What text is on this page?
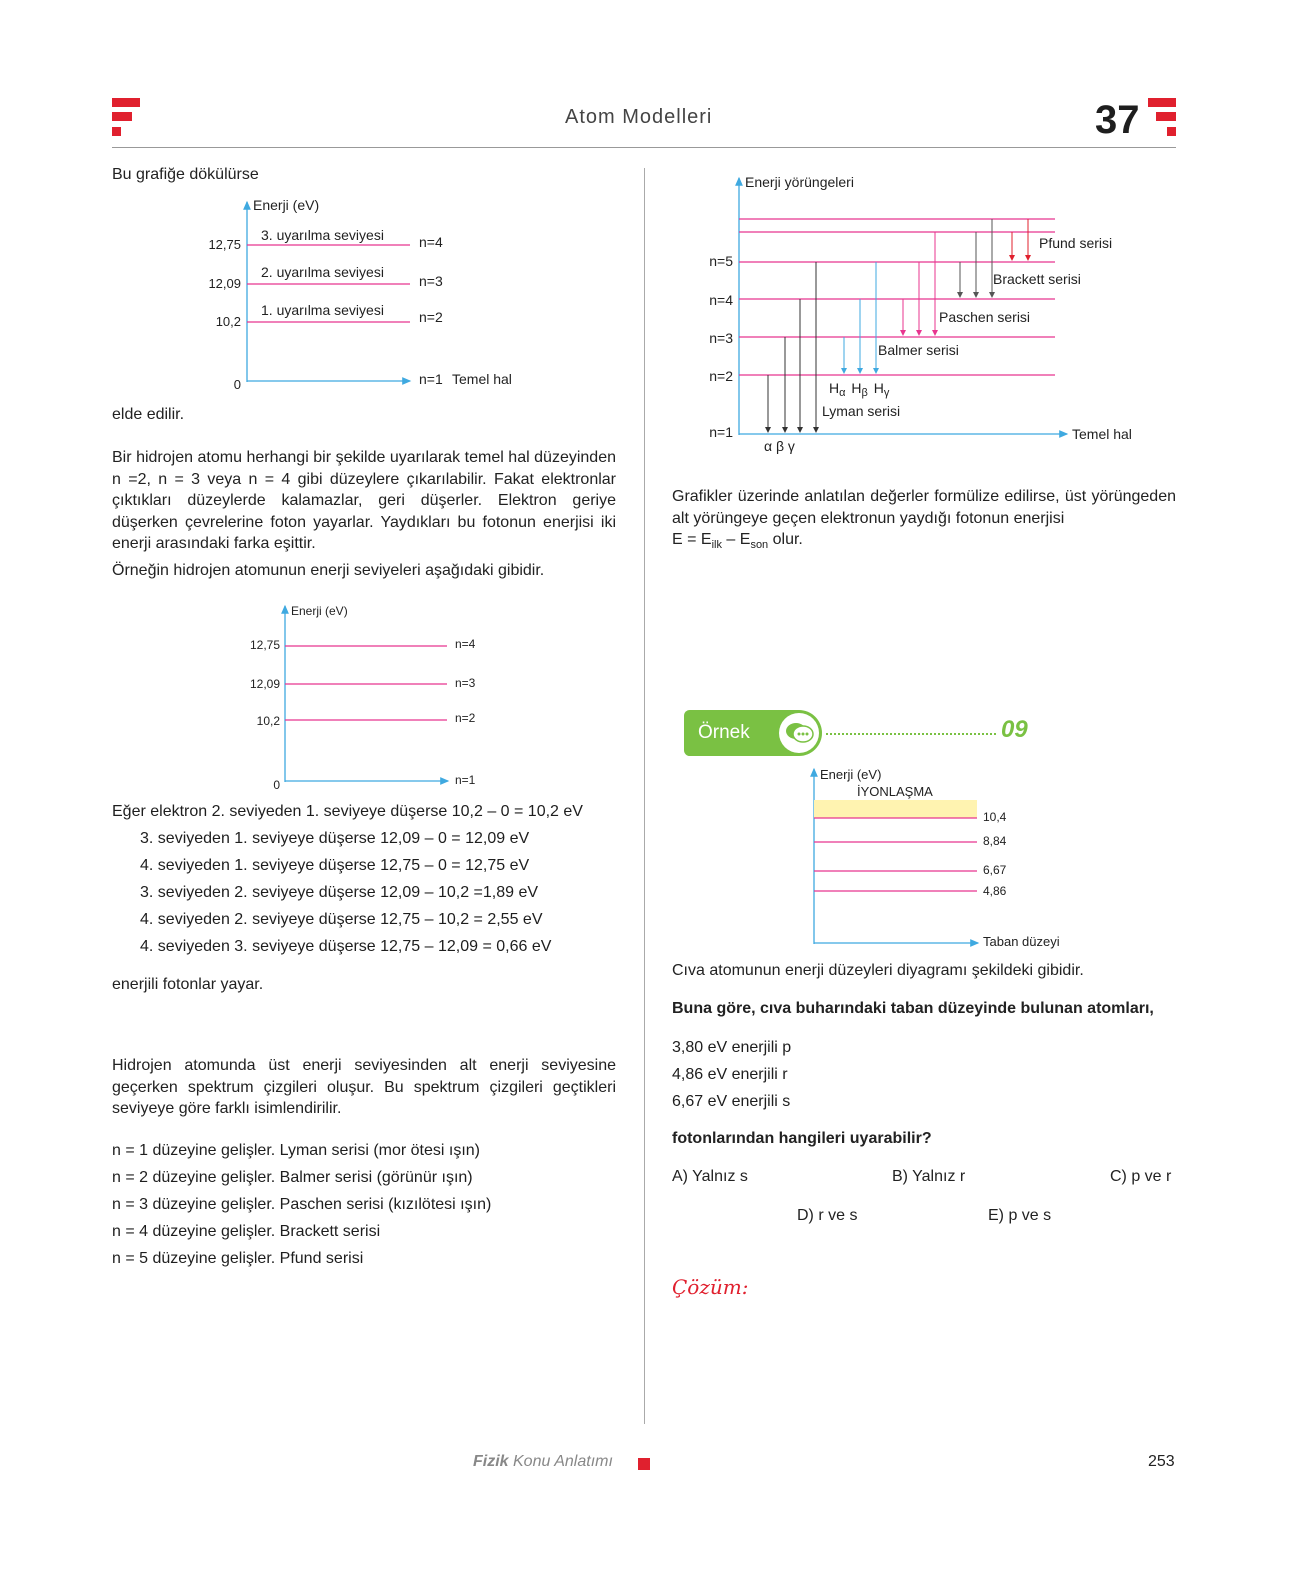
Atom Modelleri	37
Bu grafiğe dökülürse
Enerji (eV)
12,75
12,09
10,2
3. uyarılma seviyesi
2. uyarılma seviyesi
1. uyarılma seviyesi
n=4
n=3
n=2
0	n=1 Temel hal
elde edilir.
Bir hidrojen atomu herhangi bir şekilde uyarılarak temel hal düzeyinden n =2, n = 3 veya n = 4 gibi düzeylere çıkarılabilir. Fakat elektronlar çıktıkları düzeylerde kalamazlar, geri düşerler. Elektron geriye düşerken çevrelerine foton yayarlar. Yaydıkları bu fotonun enerjisi iki enerji arasındaki farka eşittir.
Örneğin hidrojen atomunun enerji seviyeleri aşağıdaki gibidir.
Enerji (eV)
12,75
12,09
10,2
n=4
n=3
n=2
0	n=1

Eğer elektron 2. seviyeden 1. seviyeye düşerse 10,2 – 0 = 10,2 eV

3. seviyeden 1. seviyeye düşerse 12,09 – 0 = 12,09 eV

4. seviyeden 1. seviyeye düşerse 12,75 – 0 = 12,75 eV

3. seviyeden 2. seviyeye düşerse 12,09 – 10,2 =1,89 eV

4. seviyeden 2. seviyeye düşerse 12,75 – 10,2 = 2,55 eV

4. seviyeden 3. seviyeye düşerse 12,75 – 12,09 = 0,66 eV

enerjili fotonlar yayar.
Hidrojen atomunda üst enerji seviyesinden alt enerji seviyesine geçerken spektrum çizgileri oluşur. Bu spektrum çizgileri geçtikleri seviyeye göre farklı isimlendirilir.

n = 1 düzeyine gelişler. Lyman serisi (mor ötesi ışın)

n = 2 düzeyine gelişler. Balmer serisi (görünür ışın)

n = 3 düzeyine gelişler. Paschen serisi (kızılötesi ışın)

n = 4 düzeyine gelişler. Brackett serisi

n = 5 düzeyine gelişler. Pfund serisi

Enerji yörüngeleri
n=5
n=4
n=3
n=2
n=1
Pfund serisi
Brackett serisi
Paschen serisi
Balmer serisi
$H_\alpha$ $H_\beta$ $H_\gamma$
Lyman serisi
α β γ
Temel hal
Grafikler üzerinde anlatılan değerler formülize edilirse, üst yörüngeden alt yörüngeye geçen elektronun yaydığı fotonun enerjisi
$E = E_{ilk} - E_{son}$ olur.
Örnek	09
Enerji (eV)
İYONLAŞMA
10,4
8,84
6,67
4,86
Taban düzeyi
Cıva atomunun enerji düzeyleri diyagramı şekildeki gibidir.
Buna göre, cıva buharındaki taban düzeyinde bulunan atomları,

3,80 eV enerjili p

4,86 eV enerjili r

6,67 eV enerjili s

fotonlarından hangileri uyarabilir?
A) Yalnız s	B) Yalnız r	C) p ve r
D) r ve s	E) p ve s
Çözüm:
Fizik Konu Anlatımı	253
